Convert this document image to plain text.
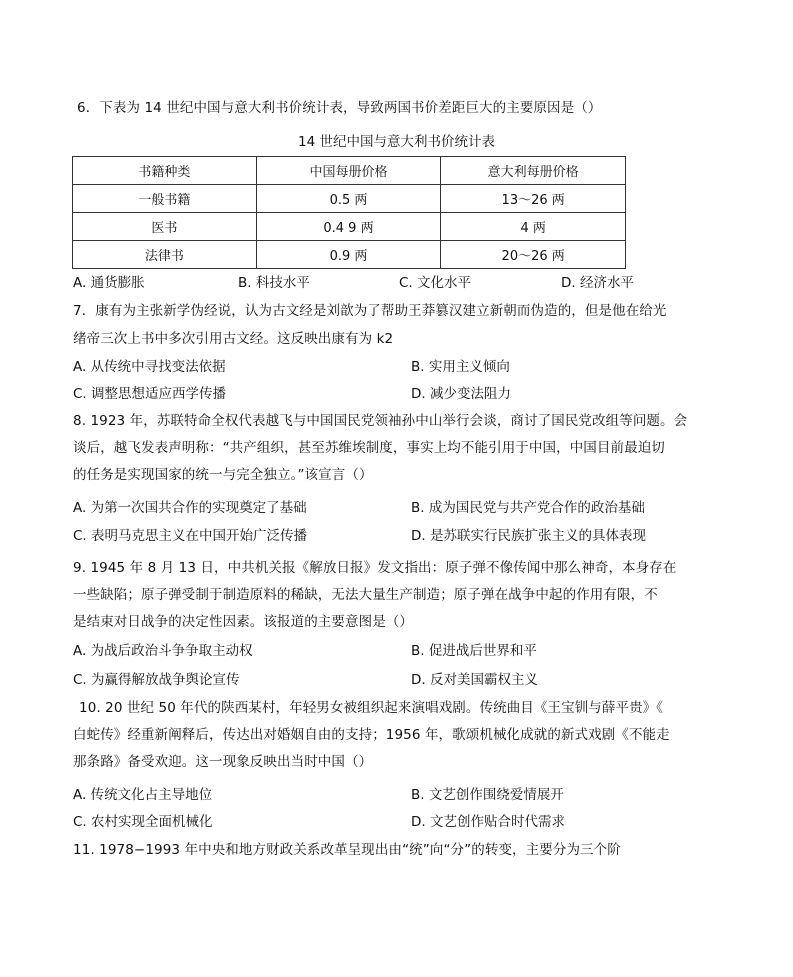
6．下表为 14 世纪中国与意大利书价统计表，导致两国书价差距巨大的主要原因是（）
14 世纪中国与意大利书价统计表
书籍种类	中国每册价格	意大利每册价格
一般书籍	0.5 两	13～26 两
医书	0.4 9 两	4 两
法律书	0.9 两	20～26 两
A. 通货膨胀	B. 科技水平	C. 文化水平	D. 经济水平
7．康有为主张新学伪经说，认为古文经是刘歆为了帮助王莽篡汉建立新朝而伪造的，但是他在给光
绪帝三次上书中多次引用古文经。这反映出康有为 k2
A. 从传统中寻找变法依据	B. 实用主义倾向
C. 调整思想适应西学传播	D. 减少变法阻力
8. 1923 年，苏联特命全权代表越飞与中国国民党领袖孙中山举行会谈，商讨了国民党改组等问题。会
谈后，越飞发表声明称：“共产组织，甚至苏维埃制度，事实上均不能引用于中国，中国目前最迫切
的任务是实现国家的统一与完全独立。”该宣言（）
A. 为第一次国共合作的实现奠定了基础	B. 成为国民党与共产党合作的政治基础
C. 表明马克思主义在中国开始广泛传播	D. 是苏联实行民族扩张主义的具体表现
9. 1945 年 8 月 13 日，中共机关报《解放日报》发文指出：原子弹不像传闻中那么神奇，本身存在
一些缺陷；原子弹受制于制造原料的稀缺，无法大量生产制造；原子弹在战争中起的作用有限，不
是结束对日战争的决定性因素。该报道的主要意图是（）
A. 为战后政治斗争争取主动权	B. 促进战后世界和平
C. 为赢得解放战争舆论宣传	D. 反对美国霸权主义
10. 20 世纪 50 年代的陕西某村，年轻男女被组织起来演唱戏剧。传统曲目《王宝钏与薛平贵》《
白蛇传》经重新阐释后，传达出对婚姻自由的支持；1956 年，歌颂机械化成就的新式戏剧《不能走
那条路》备受欢迎。这一现象反映出当时中国（）
A. 传统文化占主导地位	B. 文艺创作围绕爱情展开
C. 农村实现全面机械化	D. 文艺创作贴合时代需求
11. 1978−1993 年中央和地方财政关系改革呈现出由“统”向“分”的转变，主要分为三个阶
